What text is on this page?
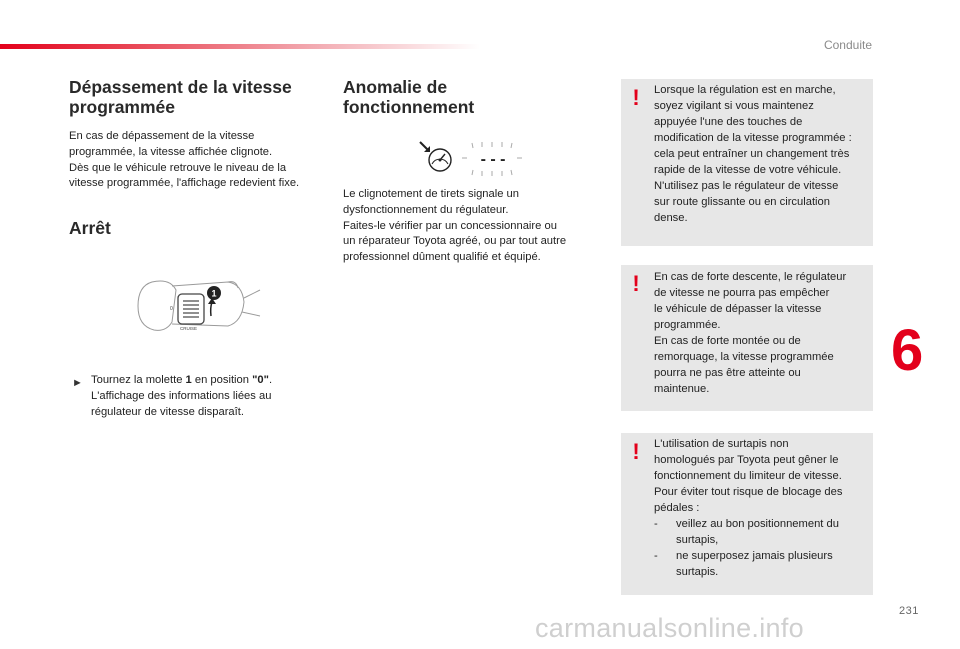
Conduite
Dépassement de la vitesse
programmée
En cas de dépassement de la vitesse
programmée, la vitesse affichée clignote.
Dès que le véhicule retrouve le niveau de la
vitesse programmée, l'affichage redevient fixe.
Arrêt
1
0
CRUISE
► Tournez la molette 1 en position "0".
L'affichage des informations liées au
régulateur de vitesse disparaît.
Anomalie de
fonctionnement
- - -
Le clignotement de tirets signale un
dysfonctionnement du régulateur.
Faites-le vérifier par un concessionnaire ou
un réparateur Toyota agréé, ou par tout autre
professionnel dûment qualifié et équipé.
! Lorsque la régulation est en marche,
soyez vigilant si vous maintenez
appuyée l'une des touches de
modification de la vitesse programmée :
cela peut entraîner un changement très
rapide de la vitesse de votre véhicule.
N'utilisez pas le régulateur de vitesse
sur route glissante ou en circulation
dense.
! En cas de forte descente, le régulateur
de vitesse ne pourra pas empêcher
le véhicule de dépasser la vitesse
programmée.
En cas de forte montée ou de
remorquage, la vitesse programmée
pourra ne pas être atteinte ou
maintenue.
! L'utilisation de surtapis non
homologués par Toyota peut gêner le
fonctionnement du limiteur de vitesse.
Pour éviter tout risque de blocage des
pédales :
-	veillez au bon positionnement du
surtapis,
-	ne superposez jamais plusieurs
surtapis.
6
231
carmanualsonline.info
